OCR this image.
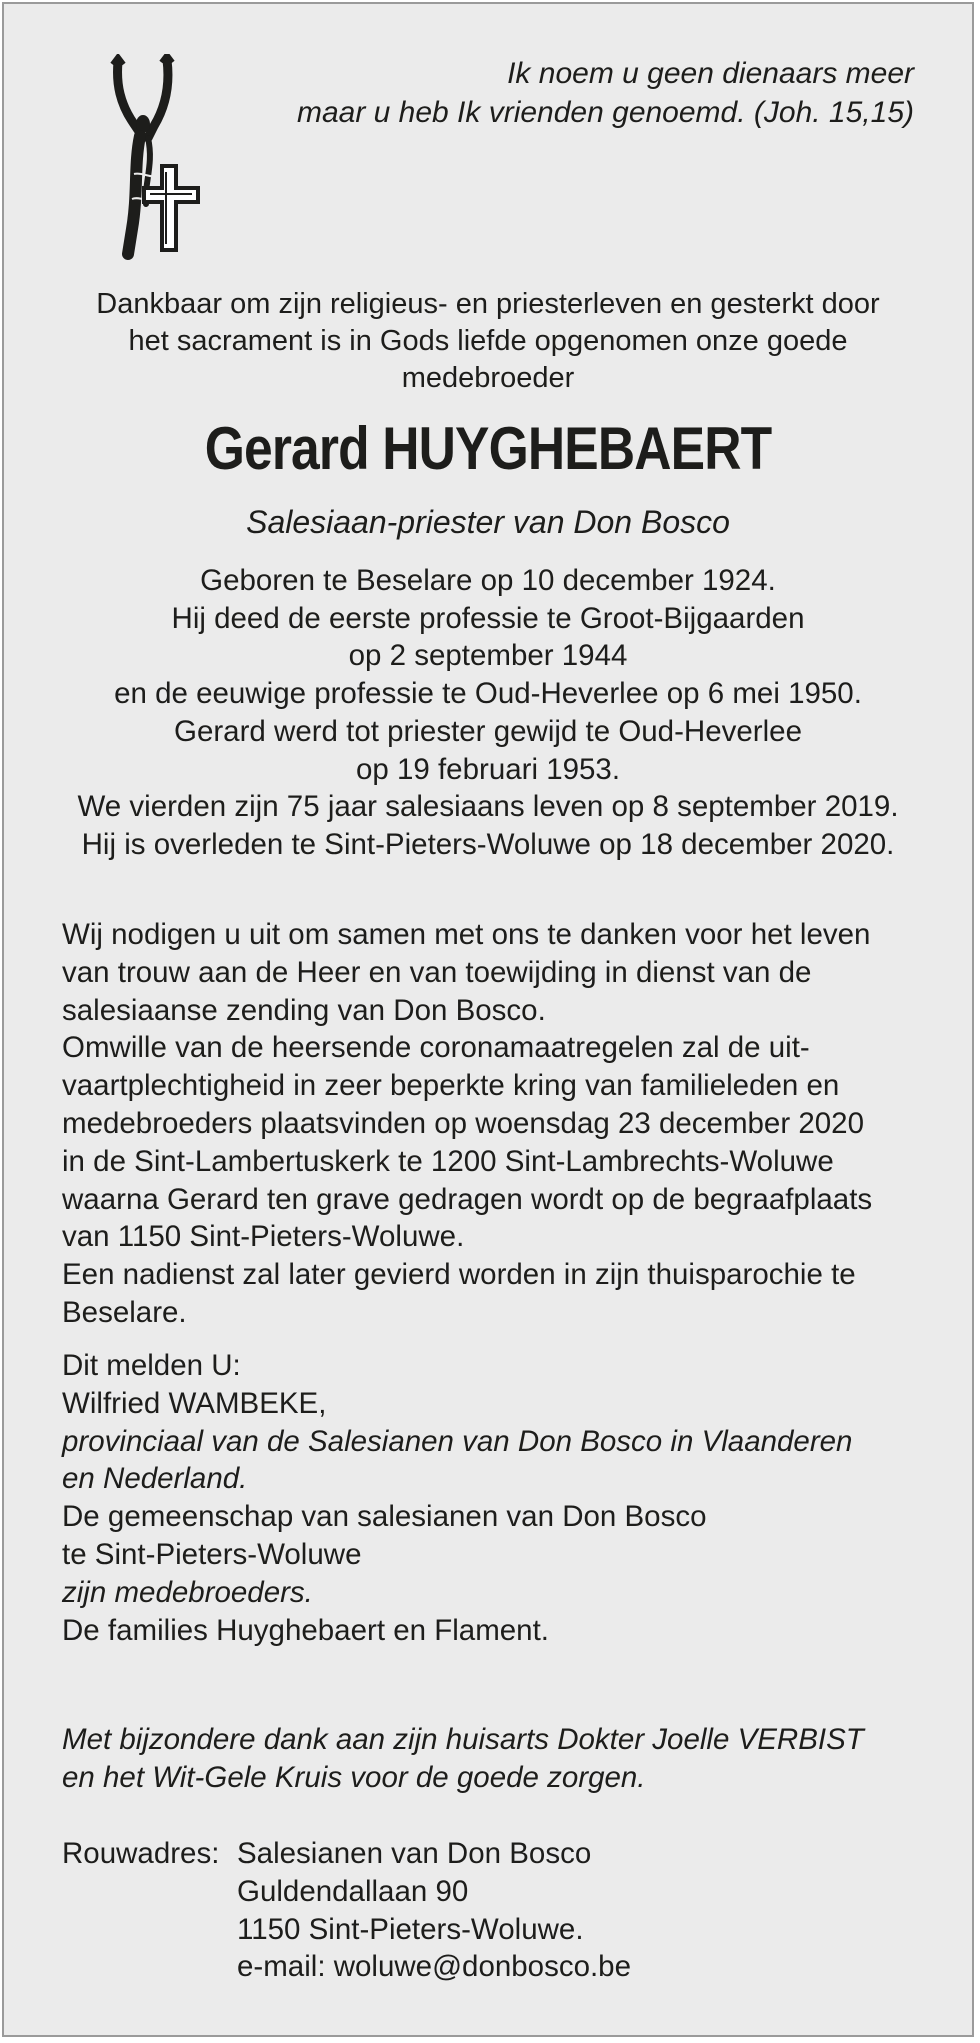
Ik noem u geen dienaars meer
maar u heb Ik vrienden genoemd. (Joh. 15,15)
Dankbaar om zijn religieus- en priesterleven en gesterkt door
het sacrament is in Gods liefde opgenomen onze goede
medebroeder
Gerard HUYGHEBAERT
Salesiaan-priester van Don Bosco
Geboren te Beselare op 10 december 1924.
Hij deed de eerste professie te Groot-Bijgaarden
op 2 september 1944
en de eeuwige professie te Oud-Heverlee op 6 mei 1950.
Gerard werd tot priester gewijd te Oud-Heverlee
op 19 februari 1953.
We vierden zijn 75 jaar salesiaans leven op 8 september 2019.
Hij is overleden te Sint-Pieters-Woluwe op 18 december 2020.
Wij nodigen u uit om samen met ons te danken voor het leven
van trouw aan de Heer en van toewijding in dienst van de
salesiaanse zending van Don Bosco.
Omwille van de heersende coronamaatregelen zal de uit-
vaartplechtigheid in zeer beperkte kring van familieleden en
medebroeders plaatsvinden op woensdag 23 december 2020
in de Sint-Lambertuskerk te 1200 Sint-Lambrechts-Woluwe
waarna Gerard ten grave gedragen wordt op de begraafplaats
van 1150 Sint-Pieters-Woluwe.
Een nadienst zal later gevierd worden in zijn thuisparochie te
Beselare.
Dit melden U:
Wilfried WAMBEKE,
provinciaal van de Salesianen van Don Bosco in Vlaanderen
en Nederland.
De gemeenschap van salesianen van Don Bosco
te Sint-Pieters-Woluwe
zijn medebroeders.
De families Huyghebaert en Flament.
Met bijzondere dank aan zijn huisarts Dokter Joelle VERBIST
en het Wit-Gele Kruis voor de goede zorgen.
Rouwadres: Salesianen van Don Bosco
Guldendallaan 90
1150 Sint-Pieters-Woluwe.
e-mail: woluwe@donbosco.be
